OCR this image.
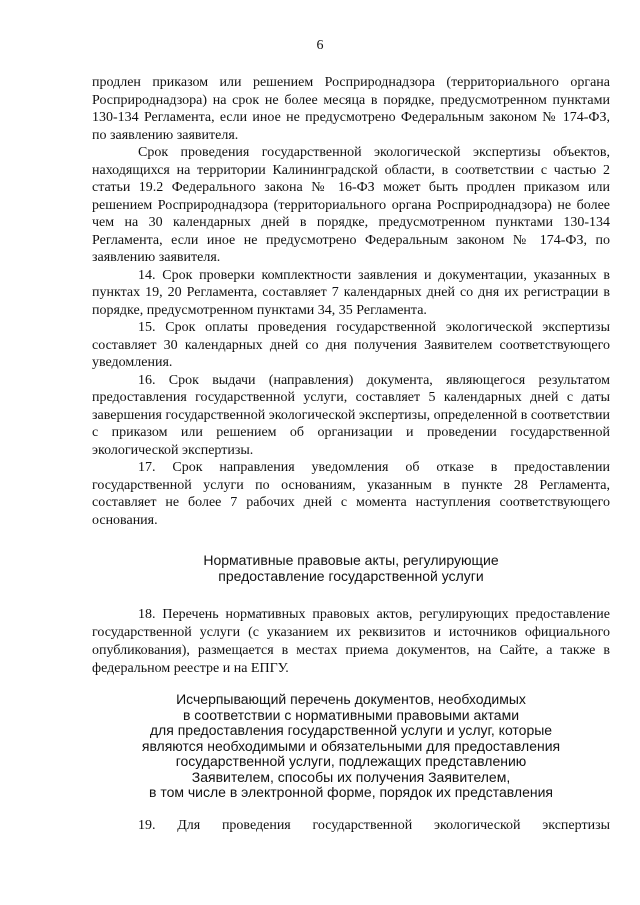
6

продлен приказом или решением Росприроднадзора (территориального органа Росприроднадзора) на срок не более месяца в порядке, предусмотренном пунктами 130-134 Регламента, если иное не предусмотрено Федеральным законом № 174-ФЗ, по заявлению заявителя.

Срок проведения государственной экологической экспертизы объектов, находящихся на территории Калининградской области, в соответствии с частью 2 статьи 19.2 Федерального закона № 16-ФЗ может быть продлен приказом или решением Росприроднадзора (территориального органа Росприроднадзора) не более чем на 30 календарных дней в порядке, предусмотренном пунктами 130-134 Регламента, если иное не предусмотрено Федеральным законом № 174-ФЗ, по заявлению заявителя.

14. Срок проверки комплектности заявления и документации, указанных в пунктах 19, 20 Регламента, составляет 7 календарных дней со дня их регистрации в порядке, предусмотренном пунктами 34, 35 Регламента.

15. Срок оплаты проведения государственной экологической экспертизы составляет 30 календарных дней со дня получения Заявителем соответствующего уведомления.

16. Срок выдачи (направления) документа, являющегося результатом предоставления государственной услуги, составляет 5 календарных дней с даты завершения государственной экологической экспертизы, определенной в соответствии с приказом или решением об организации и проведении государственной экологической экспертизы.

17. Срок направления уведомления об отказе в предоставлении государственной услуги по основаниям, указанным в пункте 28 Регламента, составляет не более 7 рабочих дней с момента наступления соответствующего основания.

Нормативные правовые акты, регулирующие
предоставление государственной услуги

18. Перечень нормативных правовых актов, регулирующих предоставление государственной услуги (с указанием их реквизитов и источников официального опубликования), размещается в местах приема документов, на Сайте, а также в федеральном реестре и на ЕПГУ.

Исчерпывающий перечень документов, необходимых
в соответствии с нормативными правовыми актами
для предоставления государственной услуги и услуг, которые
являются необходимыми и обязательными для предоставления
государственной услуги, подлежащих представлению
Заявителем, способы их получения Заявителем,
в том числе в электронной форме, порядок их представления

19. Для проведения государственной экологической экспертизы
